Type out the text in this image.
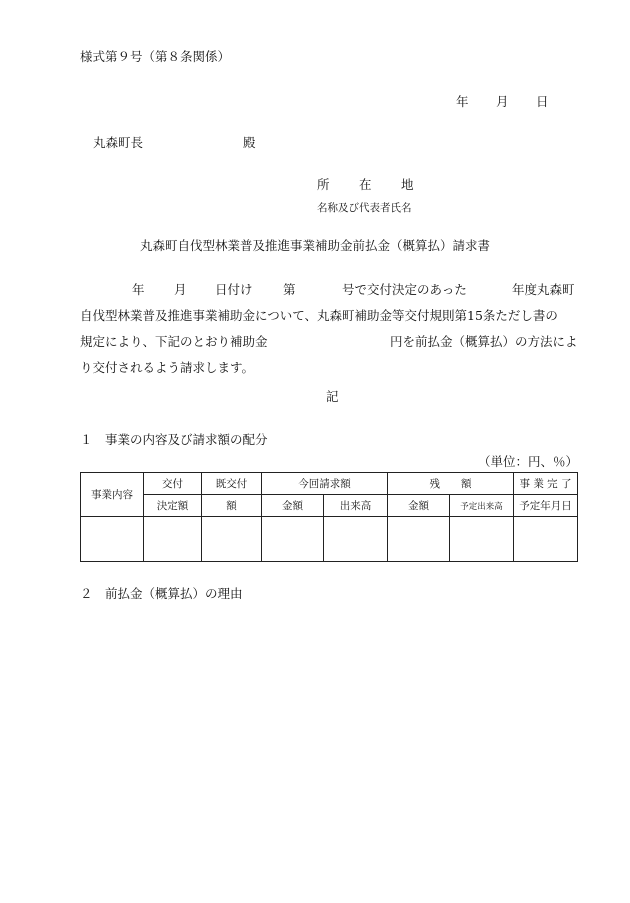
様式第９号（第８条関係）
年 月 日
丸森町長	殿
所 在 地
名称及び代表者氏名
丸森町自伐型林業普及推進事業補助金前払金（概算払）請求書
年 月 日付け 第	号で交付決定のあった	年度丸森町
自伐型林業普及推進事業補助金について、丸森町補助金等交付規則第15条ただし書の
規定により、下記のとおり補助金	円を前払金（概算払）の方法によ
り交付されるよう請求します。
記
１　事業の内容及び請求額の配分
（単位：円、％）
事業内容	交付	既交付	今回請求額		残　　額		事 業 完 了
	決定額	額	金額	出来高	金額	予定出来高	予定年月日

２　前払金（概算払）の理由
